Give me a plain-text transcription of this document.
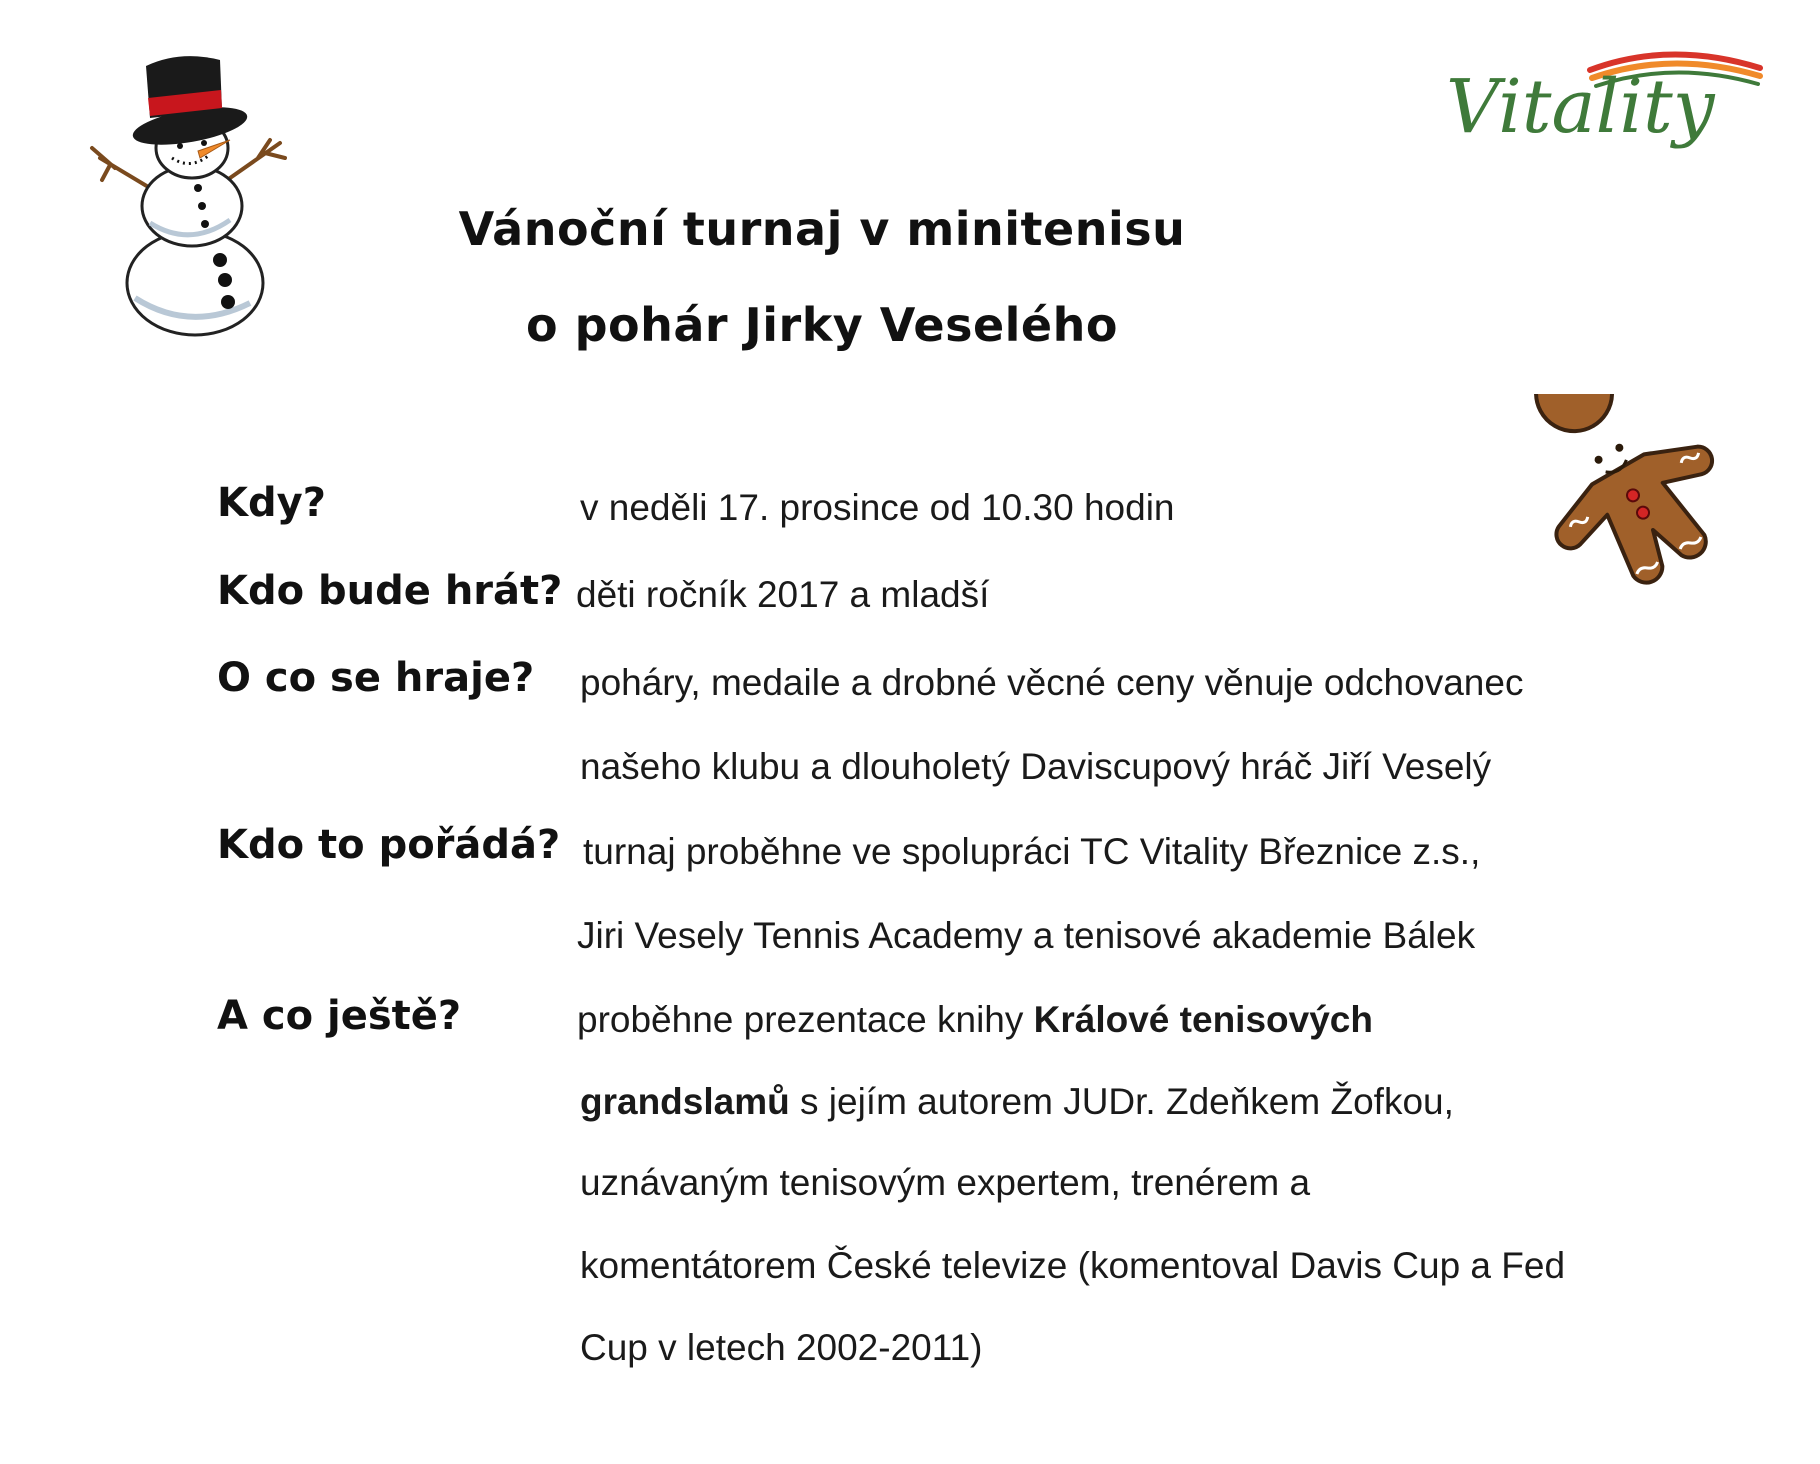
Vitality
Vánoční turnaj v minitenisu
o pohár Jirky Veselého
Kdy?	v neděli 17. prosince od 10.30 hodin
Kdo bude hrát? děti ročník 2017 a mladší
O co se hraje? poháry, medaile a drobné věcné ceny věnuje odchovanec
našeho klubu a dlouholetý Daviscupový hráč Jiří Veselý
Kdo to pořádá? turnaj proběhne ve spolupráci TC Vitality Březnice z.s.,
Jiri Vesely Tennis Academy a tenisové akademie Bálek
A co ještě?	proběhne prezentace knihy Králové tenisových
grandslamů s jejím autorem JUDr. Zdeňkem Žofkou,
uznávaným tenisovým expertem, trenérem a
komentátorem České televize (komentoval Davis Cup a Fed
Cup v letech 2002-2011)
